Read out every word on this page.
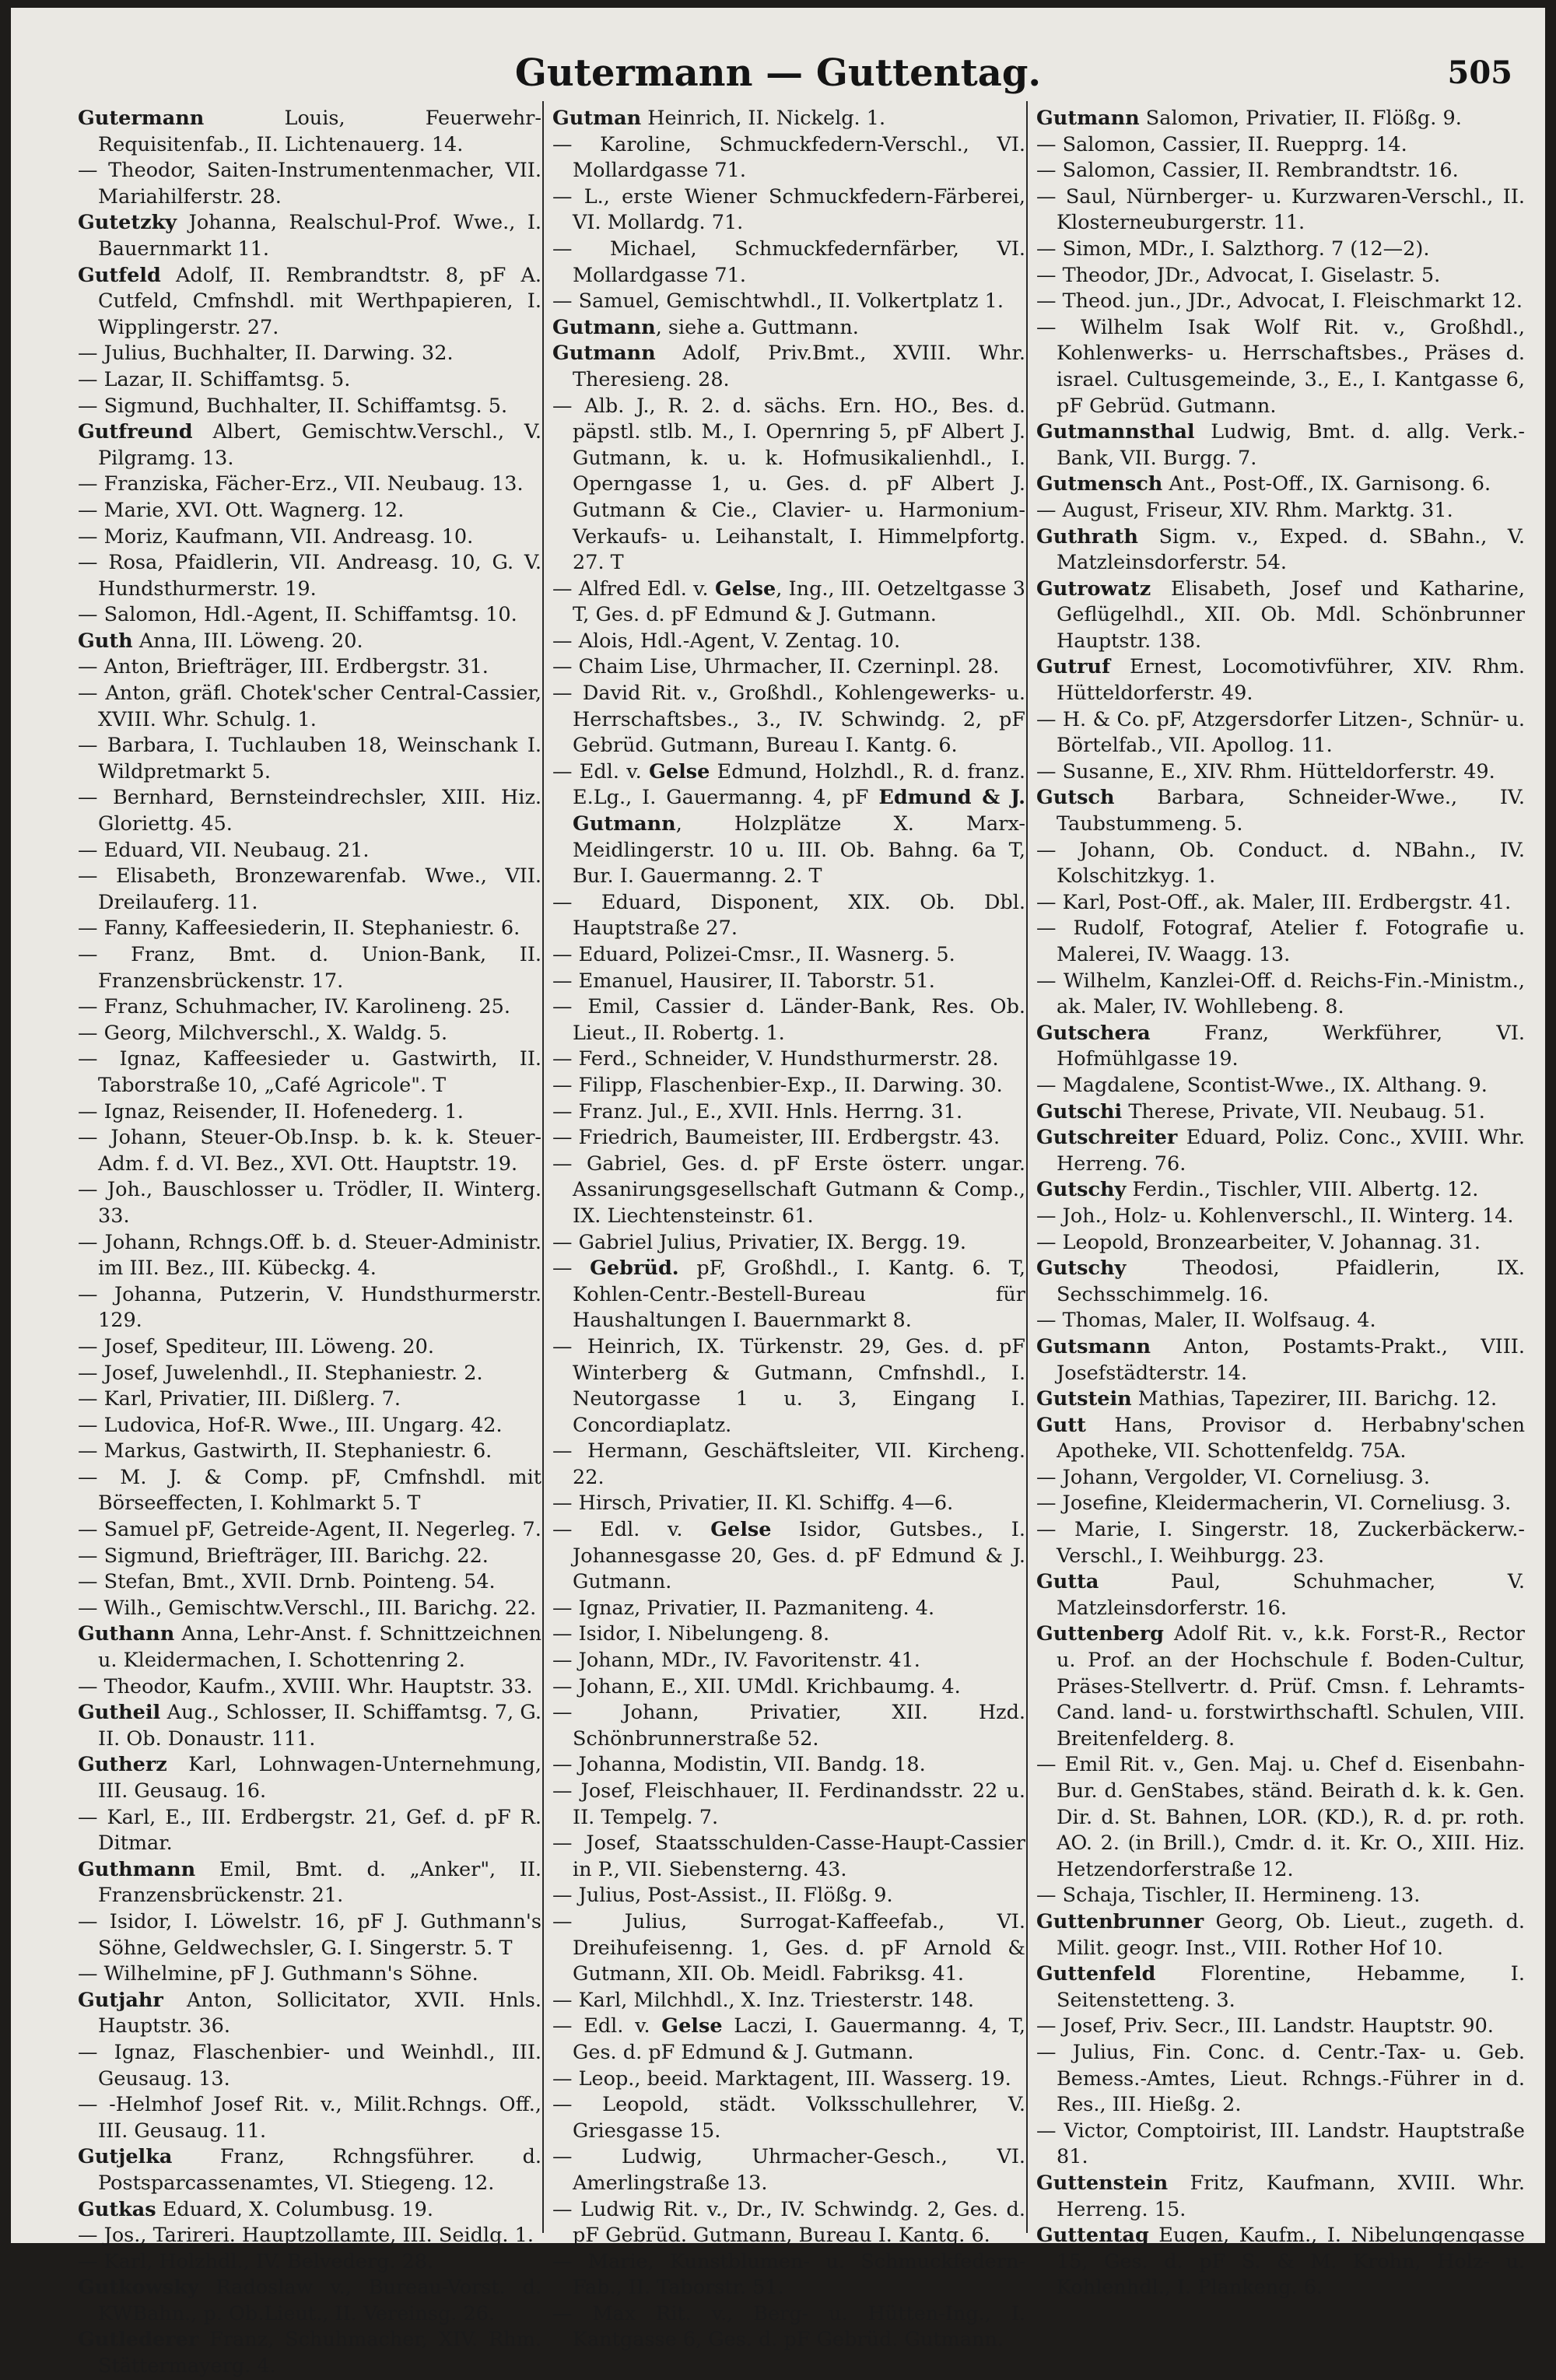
Gutermann — Guttentag.	505
Gutermann Louis, Feuerwehr-Requisitenfab., II. Lichtenauerg. 14.
— Theodor, Saiten-Instrumentenmacher, VII. Mariahilferstr. 28.
Gutetzky Johanna, Realschul-Prof. Wwe., I. Bauernmarkt 11.
Gutfeld Adolf, II. Rembrandtstr. 8, pF A. Cutfeld, Cmfnshdl. mit Werthpapieren, I. Wipplingerstr. 27.
— Julius, Buchhalter, II. Darwing. 32.
— Lazar, II. Schiffamtsg. 5.
— Sigmund, Buchhalter, II. Schiffamtsg. 5.
Gutfreund Albert, Gemischtw.Verschl., V. Pilgramg. 13.
— Franziska, Fächer-Erz., VII. Neubaug. 13.
— Marie, XVI. Ott. Wagnerg. 12.
— Moriz, Kaufmann, VII. Andreasg. 10.
— Rosa, Pfaidlerin, VII. Andreasg. 10, G. V. Hundsthurmerstr. 19.
— Salomon, Hdl.-Agent, II. Schiffamtsg. 10.
Guth Anna, III. Löweng. 20.
— Anton, Briefträger, III. Erdbergstr. 31.
— Anton, gräfl. Chotek'scher Central-Cassier, XVIII. Whr. Schulg. 1.
— Barbara, I. Tuchlauben 18, Weinschank I. Wildpretmarkt 5.
— Bernhard, Bernsteindrechsler, XIII. Hiz. Gloriettg. 45.
— Eduard, VII. Neubaug. 21.
— Elisabeth, Bronzewarenfab. Wwe., VII. Dreilauferg. 11.
— Fanny, Kaffeesiederin, II. Stephaniestr. 6.
— Franz, Bmt. d. Union-Bank, II. Franzensbrückenstr. 17.
— Franz, Schuhmacher, IV. Karolineng. 25.
— Georg, Milchverschl., X. Waldg. 5.
— Ignaz, Kaffeesieder u. Gastwirth, II. Taborstraße 10, „Café Agricole". T
— Ignaz, Reisender, II. Hofenederg. 1.
— Johann, Steuer-Ob.Insp. b. k. k. Steuer-Adm. f. d. VI. Bez., XVI. Ott. Hauptstr. 19.
— Joh., Bauschlosser u. Trödler, II. Winterg. 33.
— Johann, Rchngs.Off. b. d. Steuer-Administr. im III. Bez., III. Kübeckg. 4.
— Johanna, Putzerin, V. Hundsthurmerstr. 129.
— Josef, Spediteur, III. Löweng. 20.
— Josef, Juwelenhdl., II. Stephaniestr. 2.
— Karl, Privatier, III. Dißlerg. 7.
— Ludovica, Hof-R. Wwe., III. Ungarg. 42.
— Markus, Gastwirth, II. Stephaniestr. 6.
— M. J. & Comp. pF, Cmfnshdl. mit Börseeffecten, I. Kohlmarkt 5. T
— Samuel pF, Getreide-Agent, II. Negerleg. 7.
— Sigmund, Briefträger, III. Barichg. 22.
— Stefan, Bmt., XVII. Drnb. Pointeng. 54.
— Wilh., Gemischtw.Verschl., III. Barichg. 22.
Guthann Anna, Lehr-Anst. f. Schnittzeichnen u. Kleidermachen, I. Schottenring 2.
— Theodor, Kaufm., XVIII. Whr. Hauptstr. 33.
Gutheil Aug., Schlosser, II. Schiffamtsg. 7, G. II. Ob. Donaustr. 111.
Gutherz Karl, Lohnwagen-Unternehmung, III. Geusaug. 16.
— Karl, E., III. Erdbergstr. 21, Gef. d. pF R. Ditmar.
Guthmann Emil, Bmt. d. „Anker", II. Franzensbrückenstr. 21.
— Isidor, I. Löwelstr. 16, pF J. Guthmann's Söhne, Geldwechsler, G. I. Singerstr. 5. T
— Wilhelmine, pF J. Guthmann's Söhne.
Gutjahr Anton, Sollicitator, XVII. Hnls. Hauptstr. 36.
— Ignaz, Flaschenbier- und Weinhdl., III. Geusaug. 13.
— -Helmhof Josef Rit. v., Milit.Rchngs. Off., III. Geusaug. 11.
Gutjelka Franz, Rchngsführer. d. Postsparcassenamtes, VI. Stiegeng. 12.
Gutkas Eduard, X. Columbusg. 19.
— Jos., Tarireri. Hauptzollamte, III. Seidlg. 1.
— Karl, Holzhdl., IV. Belvederg. 28.
Gutkowsky Radoslaw v., Bureau-Vorst. d. KWBahn., p. Ob.Lieut., II. Vereinsg. 26.
Gutlederer Franz, Schuhmacher, XIV. Rhm. Stättermayerg. 4.
Gutman Heinrich, II. Nickelg. 1.
— Karoline, Schmuckfedern-Verschl., VI. Mollardgasse 71.
— L., erste Wiener Schmuckfedern-Färberei, VI. Mollardg. 71.
— Michael, Schmuckfedernfärber, VI. Mollardgasse 71.
— Samuel, Gemischtwhdl., II. Volkertplatz 1.
Gutmann, siehe a. Guttmann.
Gutmann Adolf, Priv.Bmt., XVIII. Whr. Theresieng. 28.
— Alb. J., R. 2. d. sächs. Ern. HO., Bes. d. päpstl. stlb. M., I. Opernring 5, pF Albert J. Gutmann, k. u. k. Hofmusikalienhdl., I. Operngasse 1, u. Ges. d. pF Albert J. Gutmann & Cie., Clavier- u. Harmonium-Verkaufs- u. Leihanstalt, I. Himmelpfortg. 27. T
— Alfred Edl. v. Gelse, Ing., III. Oetzeltgasse 3 T, Ges. d. pF Edmund & J. Gutmann.
— Alois, Hdl.-Agent, V. Zentag. 10.
— Chaim Lise, Uhrmacher, II. Czerninpl. 28.
— David Rit. v., Großhdl., Kohlengewerks- u. Herrschaftsbes., 3., IV. Schwindg. 2, pF Gebrüd. Gutmann, Bureau I. Kantg. 6.
— Edl. v. Gelse Edmund, Holzhdl., R. d. franz. E.Lg., I. Gauermanng. 4, pF Edmund & J. Gutmann, Holzplätze X. Marx-Meidlingerstr. 10 u. III. Ob. Bahng. 6a T, Bur. I. Gauermanng. 2. T
— Eduard, Disponent, XIX. Ob. Dbl. Hauptstraße 27.
— Eduard, Polizei-Cmsr., II. Wasnerg. 5.
— Emanuel, Hausirer, II. Taborstr. 51.
— Emil, Cassier d. Länder-Bank, Res. Ob. Lieut., II. Robertg. 1.
— Ferd., Schneider, V. Hundsthurmerstr. 28.
— Filipp, Flaschenbier-Exp., II. Darwing. 30.
— Franz. Jul., E., XVII. Hnls. Herrng. 31.
— Friedrich, Baumeister, III. Erdbergstr. 43.
— Gabriel, Ges. d. pF Erste österr. ungar. Assanirungsgesellschaft Gutmann & Comp., IX. Liechtensteinstr. 61.
— Gabriel Julius, Privatier, IX. Bergg. 19.
— Gebrüd. pF, Großhdl., I. Kantg. 6. T, Kohlen-Centr.-Bestell-Bureau für Haushaltungen I. Bauernmarkt 8.
— Heinrich, IX. Türkenstr. 29, Ges. d. pF Winterberg & Gutmann, Cmfnshdl., I. Neutorgasse 1 u. 3, Eingang I. Concordiaplatz.
— Hermann, Geschäftsleiter, VII. Kircheng. 22.
— Hirsch, Privatier, II. Kl. Schiffg. 4—6.
— Edl. v. Gelse Isidor, Gutsbes., I. Johannesgasse 20, Ges. d. pF Edmund & J. Gutmann.
— Ignaz, Privatier, II. Pazmaniteng. 4.
— Isidor, I. Nibelungeng. 8.
— Johann, MDr., IV. Favoritenstr. 41.
— Johann, E., XII. UMdl. Krichbaumg. 4.
— Johann, Privatier, XII. Hzd. Schönbrunnerstraße 52.
— Johanna, Modistin, VII. Bandg. 18.
— Josef, Fleischhauer, II. Ferdinandsstr. 22 u. II. Tempelg. 7.
— Josef, Staatsschulden-Casse-Haupt-Cassier in P., VII. Siebensterng. 43.
— Julius, Post-Assist., II. Flößg. 9.
— Julius, Surrogat-Kaffeefab., VI. Dreihufeisenng. 1, Ges. d. pF Arnold & Gutmann, XII. Ob. Meidl. Fabriksg. 41.
— Karl, Milchhdl., X. Inz. Triesterstr. 148.
— Edl. v. Gelse Laczi, I. Gauermanng. 4, T, Ges. d. pF Edmund & J. Gutmann.
— Leop., beeid. Marktagent, III. Wasserg. 19.
— Leopold, städt. Volksschullehrer, V. Griesgasse 15.
— Ludwig, Uhrmacher-Gesch., VI. Amerlingstraße 13.
— Ludwig Rit. v., Dr., IV. Schwindg. 2, Ges. d. pF Gebrüd. Gutmann, Bureau I. Kantg. 6.
— Marie, Kunstblumen- u. Schmuckfedern-Fab., II. Taborstr. 51.
— Max Rit. v., Berg- u. Hütten-Ing., I. Kantgasse 6, Ges. d. pF Gebrüd. Gutmann.
Gutmann Salomon, Privatier, II. Flößg. 9.
— Salomon, Cassier, II. Ruepprg. 14.
— Salomon, Cassier, II. Rembrandtstr. 16.
— Saul, Nürnberger- u. Kurzwaren-Verschl., II. Klosterneuburgerstr. 11.
— Simon, MDr., I. Salzthorg. 7 (12—2).
— Theodor, JDr., Advocat, I. Giselastr. 5.
— Theod. jun., JDr., Advocat, I. Fleischmarkt 12.
— Wilhelm Isak Wolf Rit. v., Großhdl., Kohlenwerks- u. Herrschaftsbes., Präses d. israel. Cultusgemeinde, 3., E., I. Kantgasse 6, pF Gebrüd. Gutmann.
Gutmannsthal Ludwig, Bmt. d. allg. Verk.-Bank, VII. Burgg. 7.
Gutmensch Ant., Post-Off., IX. Garnisong. 6.
— August, Friseur, XIV. Rhm. Marktg. 31.
Guthrath Sigm. v., Exped. d. SBahn., V. Matzleinsdorferstr. 54.
Gutrowatz Elisabeth, Josef und Katharine, Geflügelhdl., XII. Ob. Mdl. Schönbrunner Hauptstr. 138.
Gutruf Ernest, Locomotivführer, XIV. Rhm. Hütteldorferstr. 49.
— H. & Co. pF, Atzgersdorfer Litzen-, Schnür- u. Börtelfab., VII. Apollog. 11.
— Susanne, E., XIV. Rhm. Hütteldorferstr. 49.
Gutsch Barbara, Schneider-Wwe., IV. Taubstummeng. 5.
— Johann, Ob. Conduct. d. NBahn., IV. Kolschitzkyg. 1.
— Karl, Post-Off., ak. Maler, III. Erdbergstr. 41.
— Rudolf, Fotograf, Atelier f. Fotografie u. Malerei, IV. Waagg. 13.
— Wilhelm, Kanzlei-Off. d. Reichs-Fin.-Ministm., ak. Maler, IV. Wohllebeng. 8.
Gutschera Franz, Werkführer, VI. Hofmühlgasse 19.
— Magdalene, Scontist-Wwe., IX. Althang. 9.
Gutschi Therese, Private, VII. Neubaug. 51.
Gutschreiter Eduard, Poliz. Conc., XVIII. Whr. Herreng. 76.
Gutschy Ferdin., Tischler, VIII. Albertg. 12.
— Joh., Holz- u. Kohlenverschl., II. Winterg. 14.
— Leopold, Bronzearbeiter, V. Johannag. 31.
Gutschy Theodosi, Pfaidlerin, IX. Sechsschimmelg. 16.
— Thomas, Maler, II. Wolfsaug. 4.
Gutsmann Anton, Postamts-Prakt., VIII. Josefstädterstr. 14.
Gutstein Mathias, Tapezirer, III. Barichg. 12.
Gutt Hans, Provisor d. Herbabny'schen Apotheke, VII. Schottenfeldg. 75A.
— Johann, Vergolder, VI. Corneliusg. 3.
— Josefine, Kleidermacherin, VI. Corneliusg. 3.
— Marie, I. Singerstr. 18, Zuckerbäckerw.-Verschl., I. Weihburgg. 23.
Gutta Paul, Schuhmacher, V. Matzleinsdorferstr. 16.
Guttenberg Adolf Rit. v., k.k. Forst-R., Rector u. Prof. an der Hochschule f. Boden-Cultur, Präses-Stellvertr. d. Prüf. Cmsn. f. Lehramts-Cand. land- u. forstwirthschaftl. Schulen, VIII. Breitenfelderg. 8.
— Emil Rit. v., Gen. Maj. u. Chef d. Eisenbahn-Bur. d. GenStabes, ständ. Beirath d. k. k. Gen. Dir. d. St. Bahnen, LOR. (KD.), R. d. pr. roth. AO. 2. (in Brill.), Cmdr. d. it. Kr. O., XIII. Hiz. Hetzendorferstraße 12.
— Schaja, Tischler, II. Hermineng. 13.
Guttenbrunner Georg, Ob. Lieut., zugeth. d. Milit. geogr. Inst., VIII. Rother Hof 10.
Guttenfeld Florentine, Hebamme, I. Seitenstetteng. 3.
— Josef, Priv. Secr., III. Landstr. Hauptstr. 90.
— Julius, Fin. Conc. d. Centr.-Tax- u. Geb. Bemess.-Amtes, Lieut. Rchngs.-Führer in d. Res., III. Hießg. 2.
— Victor, Comptoirist, III. Landstr. Hauptstraße 81.
Guttenstein Fritz, Kaufmann, XVIII. Whr. Herreng. 15.
Guttentag Eugen, Kaufm., I. Nibelungengasse 15, Ges. d. pF S. & M. Krohn, Holz- u. Kohlenhdl., I. Plankeng. 6.
